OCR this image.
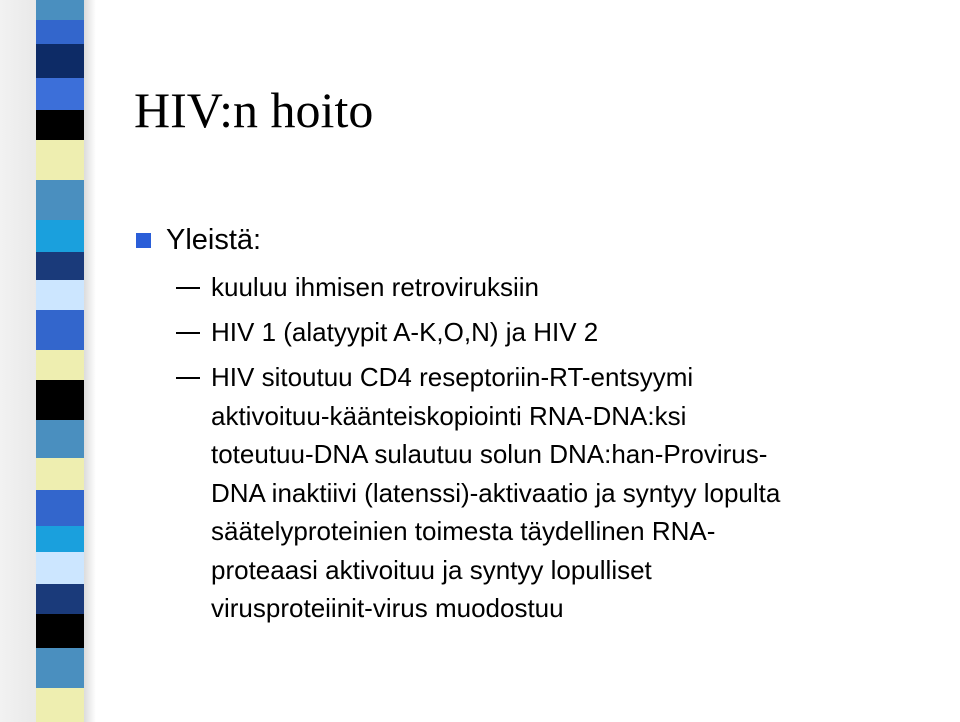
HIV:n hoito
Yleistä:
kuuluu ihmisen retroviruksiin
HIV 1 (alatyypit A-K,O,N) ja HIV 2
HIV sitoutuu CD4 reseptoriin-RT-entsyymi
aktivoituu-käänteiskopiointi RNA-DNA:ksi
toteutuu-DNA sulautuu solun DNA:han-Provirus-
DNA inaktiivi (latenssi)-aktivaatio ja syntyy lopulta
säätelyproteinien toimesta täydellinen RNA-
proteaasi aktivoituu ja syntyy lopulliset
virusproteiinit-virus muodostuu
